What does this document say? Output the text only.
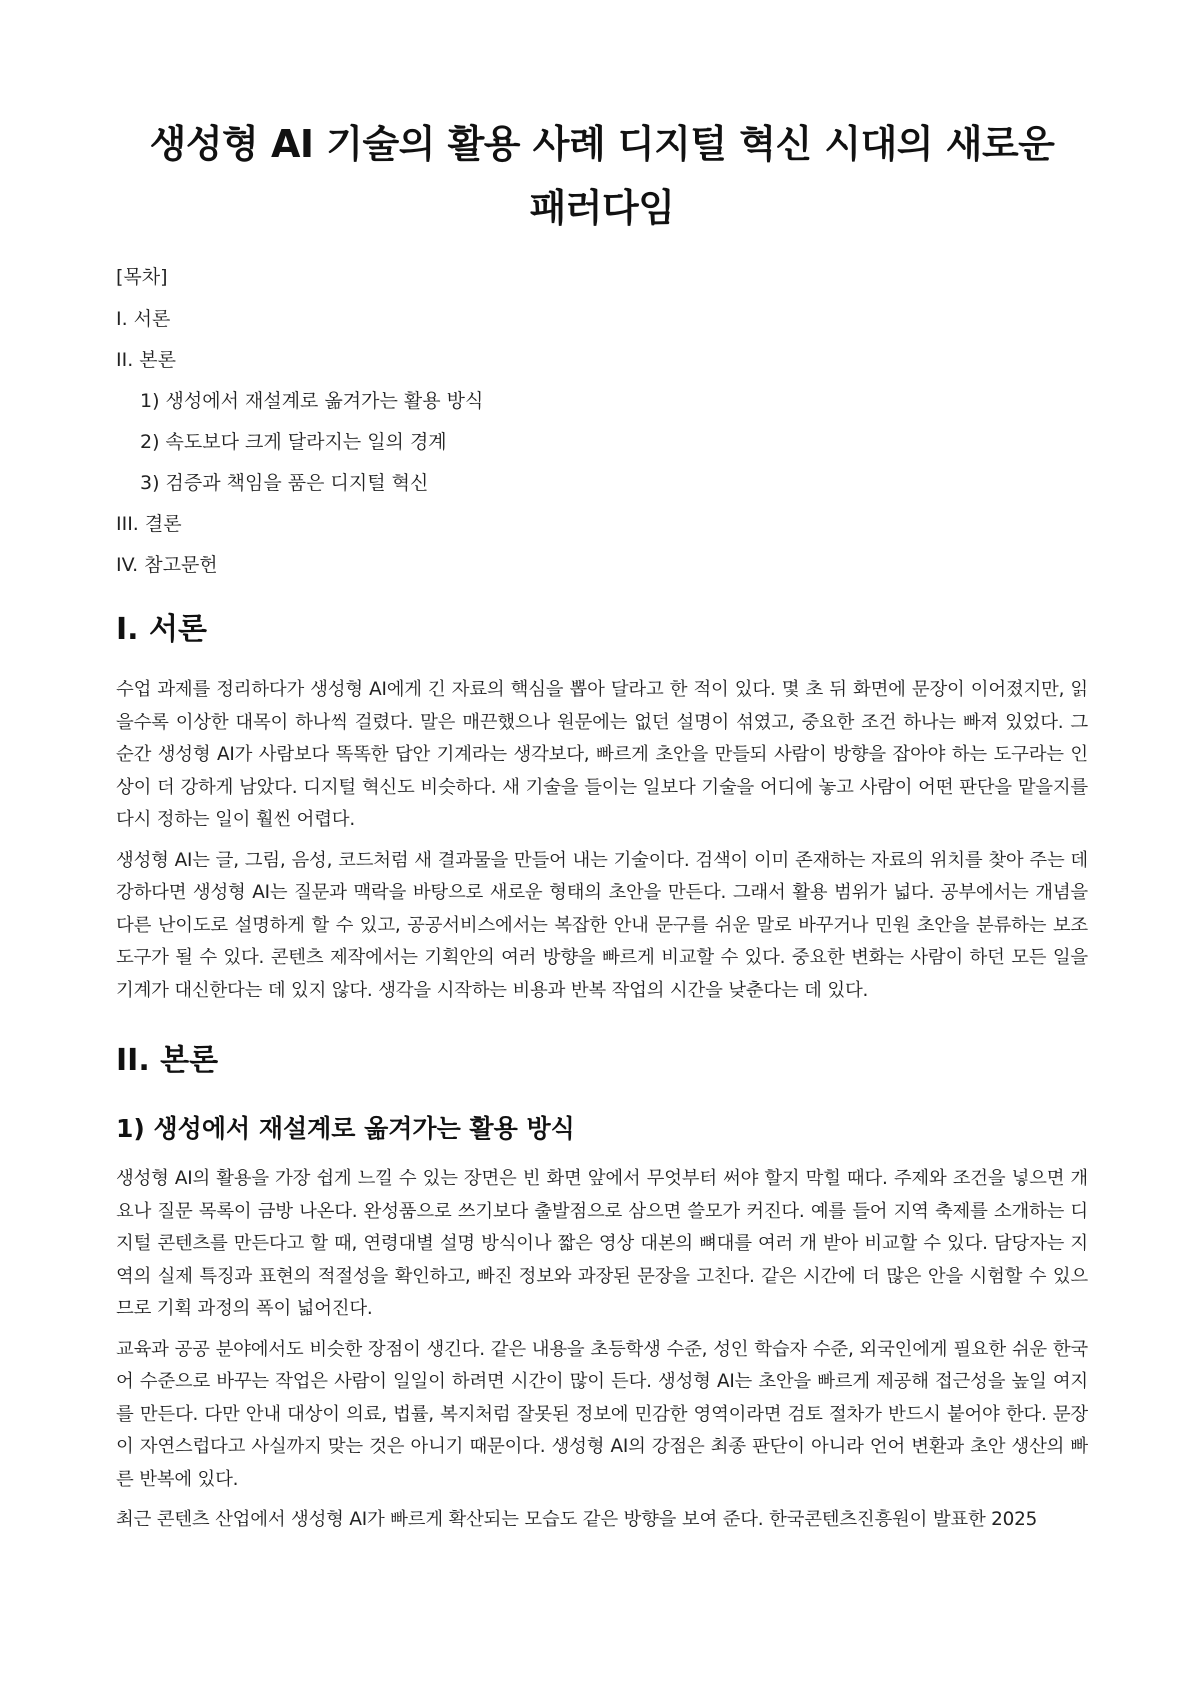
생성형 AI 기술의 활용 사례 디지털 혁신 시대의 새로운 패러다임
[목차]
I. 서론
II. 본론
1) 생성에서 재설계로 옮겨가는 활용 방식
2) 속도보다 크게 달라지는 일의 경계
3) 검증과 책임을 품은 디지털 혁신
III. 결론
IV. 참고문헌
I. 서론

수업 과제를 정리하다가 생성형 AI에게 긴 자료의 핵심을 뽑아 달라고 한 적이 있다. 몇 초 뒤 화면에 문장이 이어졌지만, 읽을수록 이상한 대목이 하나씩 걸렸다. 말은 매끈했으나 원문에는 없던 설명이 섞였고, 중요한 조건 하나는 빠져 있었다. 그 순간 생성형 AI가 사람보다 똑똑한 답안 기계라는 생각보다, 빠르게 초안을 만들되 사람이 방향을 잡아야 하는 도구라는 인상이 더 강하게 남았다. 디지털 혁신도 비슷하다. 새 기술을 들이는 일보다 기술을 어디에 놓고 사람이 어떤 판단을 맡을지를 다시 정하는 일이 훨씬 어렵다.

생성형 AI는 글, 그림, 음성, 코드처럼 새 결과물을 만들어 내는 기술이다. 검색이 이미 존재하는 자료의 위치를 찾아 주는 데 강하다면 생성형 AI는 질문과 맥락을 바탕으로 새로운 형태의 초안을 만든다. 그래서 활용 범위가 넓다. 공부에서는 개념을 다른 난이도로 설명하게 할 수 있고, 공공서비스에서는 복잡한 안내 문구를 쉬운 말로 바꾸거나 민원 초안을 분류하는 보조 도구가 될 수 있다. 콘텐츠 제작에서는 기획안의 여러 방향을 빠르게 비교할 수 있다. 중요한 변화는 사람이 하던 모든 일을 기계가 대신한다는 데 있지 않다. 생각을 시작하는 비용과 반복 작업의 시간을 낮춘다는 데 있다.

II. 본론
1) 생성에서 재설계로 옮겨가는 활용 방식

생성형 AI의 활용을 가장 쉽게 느낄 수 있는 장면은 빈 화면 앞에서 무엇부터 써야 할지 막힐 때다. 주제와 조건을 넣으면 개요나 질문 목록이 금방 나온다. 완성품으로 쓰기보다 출발점으로 삼으면 쓸모가 커진다. 예를 들어 지역 축제를 소개하는 디지털 콘텐츠를 만든다고 할 때, 연령대별 설명 방식이나 짧은 영상 대본의 뼈대를 여러 개 받아 비교할 수 있다. 담당자는 지역의 실제 특징과 표현의 적절성을 확인하고, 빠진 정보와 과장된 문장을 고친다. 같은 시간에 더 많은 안을 시험할 수 있으므로 기획 과정의 폭이 넓어진다.

교육과 공공 분야에서도 비슷한 장점이 생긴다. 같은 내용을 초등학생 수준, 성인 학습자 수준, 외국인에게 필요한 쉬운 한국어 수준으로 바꾸는 작업은 사람이 일일이 하려면 시간이 많이 든다. 생성형 AI는 초안을 빠르게 제공해 접근성을 높일 여지를 만든다. 다만 안내 대상이 의료, 법률, 복지처럼 잘못된 정보에 민감한 영역이라면 검토 절차가 반드시 붙어야 한다. 문장이 자연스럽다고 사실까지 맞는 것은 아니기 때문이다. 생성형 AI의 강점은 최종 판단이 아니라 언어 변환과 초안 생산의 빠른 반복에 있다.

최근 콘텐츠 산업에서 생성형 AI가 빠르게 확산되는 모습도 같은 방향을 보여 준다. 한국콘텐츠진흥원이 발표한 2025
